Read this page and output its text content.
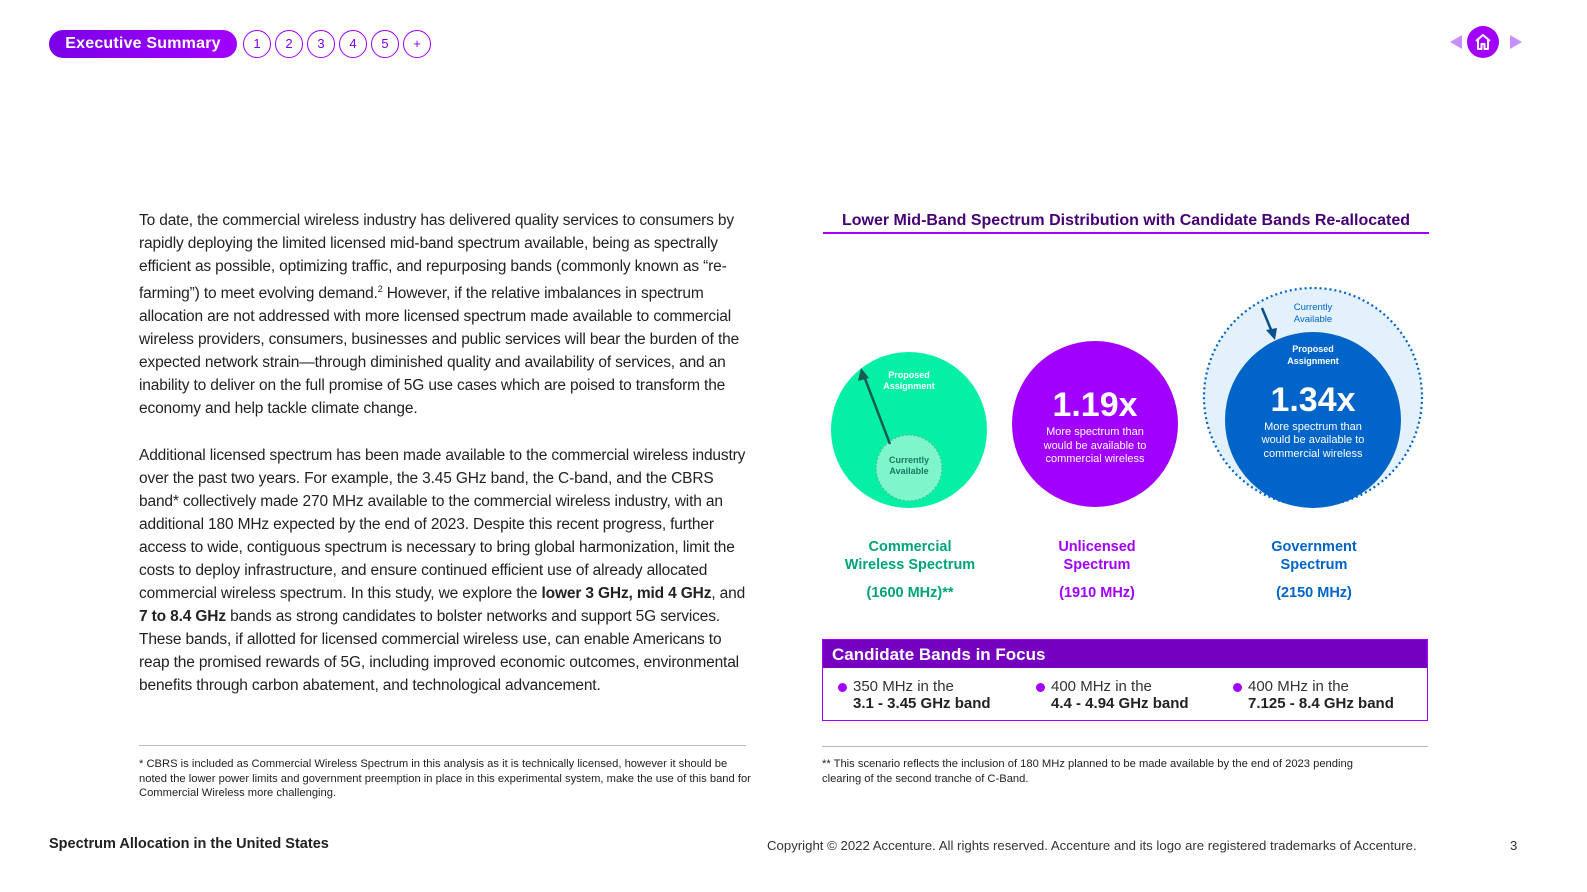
Executive Summary	1	2	3	4	5	+
To date, the commercial wireless industry has delivered quality services to consumers by rapidly deploying the limited licensed mid-band spectrum available, being as spectrally efficient as possible, optimizing traffic, and repurposing bands (commonly known as “re-farming”) to meet evolving demand.$^2$ However, if the relative imbalances in spectrum allocation are not addressed with more licensed spectrum made available to commercial wireless providers, consumers, businesses and public services will bear the burden of the expected network strain—through diminished quality and availability of services, and an inability to deliver on the full promise of 5G use cases which are poised to transform the economy and help tackle climate change.
Additional licensed spectrum has been made available to the commercial wireless industry over the past two years. For example, the 3.45 GHz band, the C-band, and the CBRS band* collectively made 270 MHz available to the commercial wireless industry, with an additional 180 MHz expected by the end of 2023. Despite this recent progress, further access to wide, contiguous spectrum is necessary to bring global harmonization, limit the costs to deploy infrastructure, and ensure continued efficient use of already allocated commercial wireless spectrum. In this study, we explore the lower 3 GHz, mid 4 GHz, and 7 to 8.4 GHz bands as strong candidates to bolster networks and support 5G services. These bands, if allotted for licensed commercial wireless use, can enable Americans to reap the promised rewards of 5G, including improved economic outcomes, environmental benefits through carbon abatement, and technological advancement.
* CBRS is included as Commercial Wireless Spectrum in this analysis as it is technically licensed, however it should be noted the lower power limits and government preemption in place in this experimental system, make the use of this band for Commercial Wireless more challenging.
Lower Mid-Band Spectrum Distribution with Candidate Bands Re-allocated
Proposed
Assignment
Currently
Available
1.19x
More spectrum than
would be available to
commercial wireless
Currently
Available
Proposed
Assignment
1.34x
More spectrum than
would be available to
commercial wireless
Commercial
Wireless Spectrum
(1600 MHz)**
Unlicensed
Spectrum
(1910 MHz)
Government
Spectrum
(2150 MHz)
Candidate Bands in Focus
350 MHz in the
3.1 - 3.45 GHz band
400 MHz in the
4.4 - 4.94 GHz band
400 MHz in the
7.125 - 8.4 GHz band
** This scenario reflects the inclusion of 180 MHz planned to be made available by the end of 2023 pending clearing of the second tranche of C-Band.
Spectrum Allocation in the United States	Copyright © 2022 Accenture. All rights reserved. Accenture and its logo are registered trademarks of Accenture.	3
